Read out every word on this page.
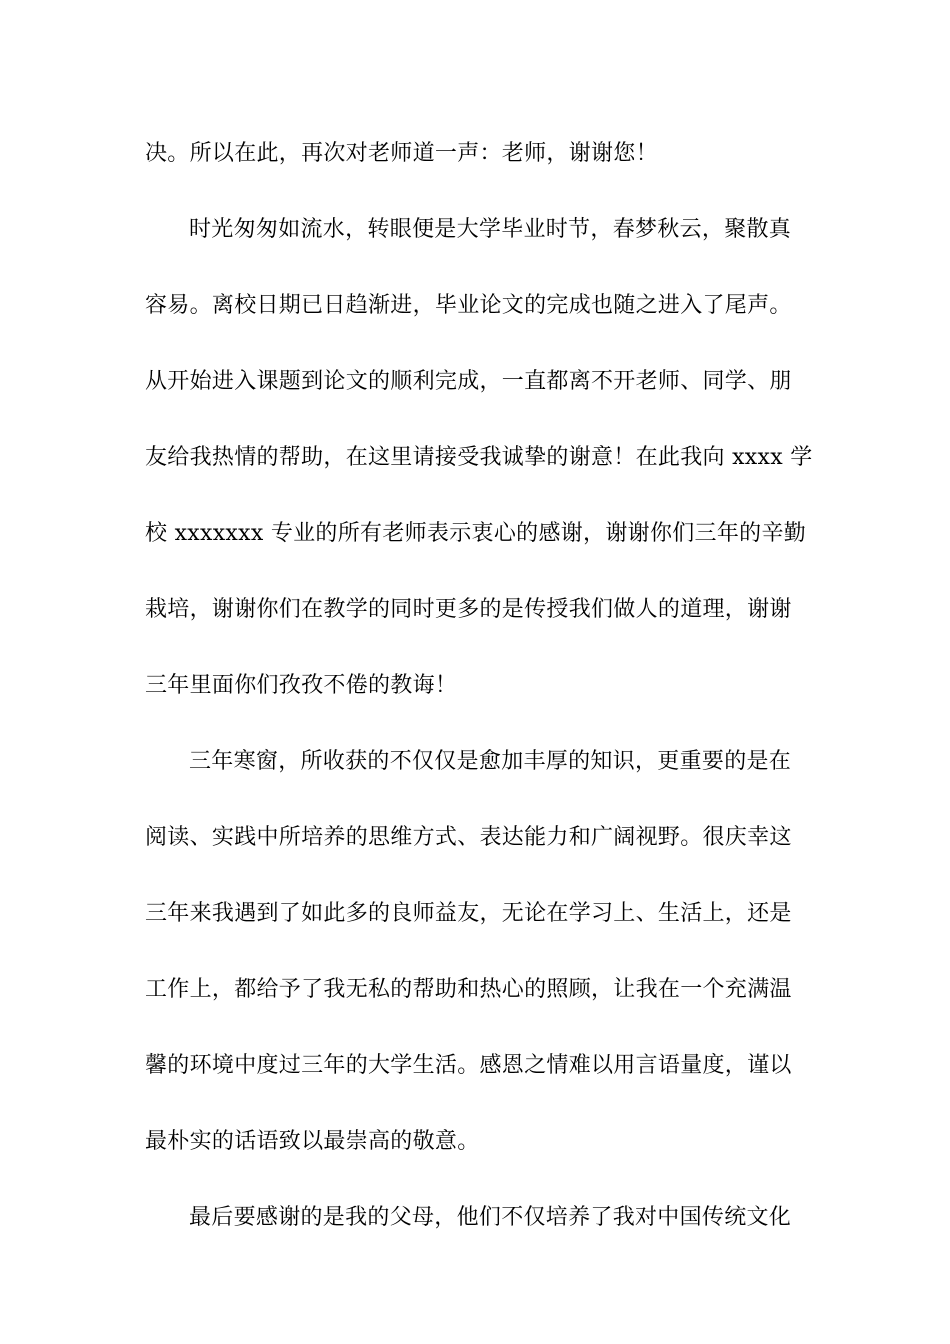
决。所以在此，再次对老师道一声：老师，谢谢您！
时光匆匆如流水，转眼便是大学毕业时节，春梦秋云，聚散真
容易。离校日期已日趋渐进，毕业论文的完成也随之进入了尾声。
从开始进入课题到论文的顺利完成，一直都离不开老师、同学、朋
友给我热情的帮助，在这里请接受我诚挚的谢意！在此我向 xxxx 学
校 xxxxxxx 专业的所有老师表示衷心的感谢，谢谢你们三年的辛勤
栽培，谢谢你们在教学的同时更多的是传授我们做人的道理，谢谢
三年里面你们孜孜不倦的教诲！
三年寒窗，所收获的不仅仅是愈加丰厚的知识，更重要的是在
阅读、实践中所培养的思维方式、表达能力和广阔视野。很庆幸这
三年来我遇到了如此多的良师益友，无论在学习上、生活上，还是
工作上，都给予了我无私的帮助和热心的照顾，让我在一个充满温
馨的环境中度过三年的大学生活。感恩之情难以用言语量度，谨以
最朴实的话语致以最崇高的敬意。
最后要感谢的是我的父母，他们不仅培养了我对中国传统文化
